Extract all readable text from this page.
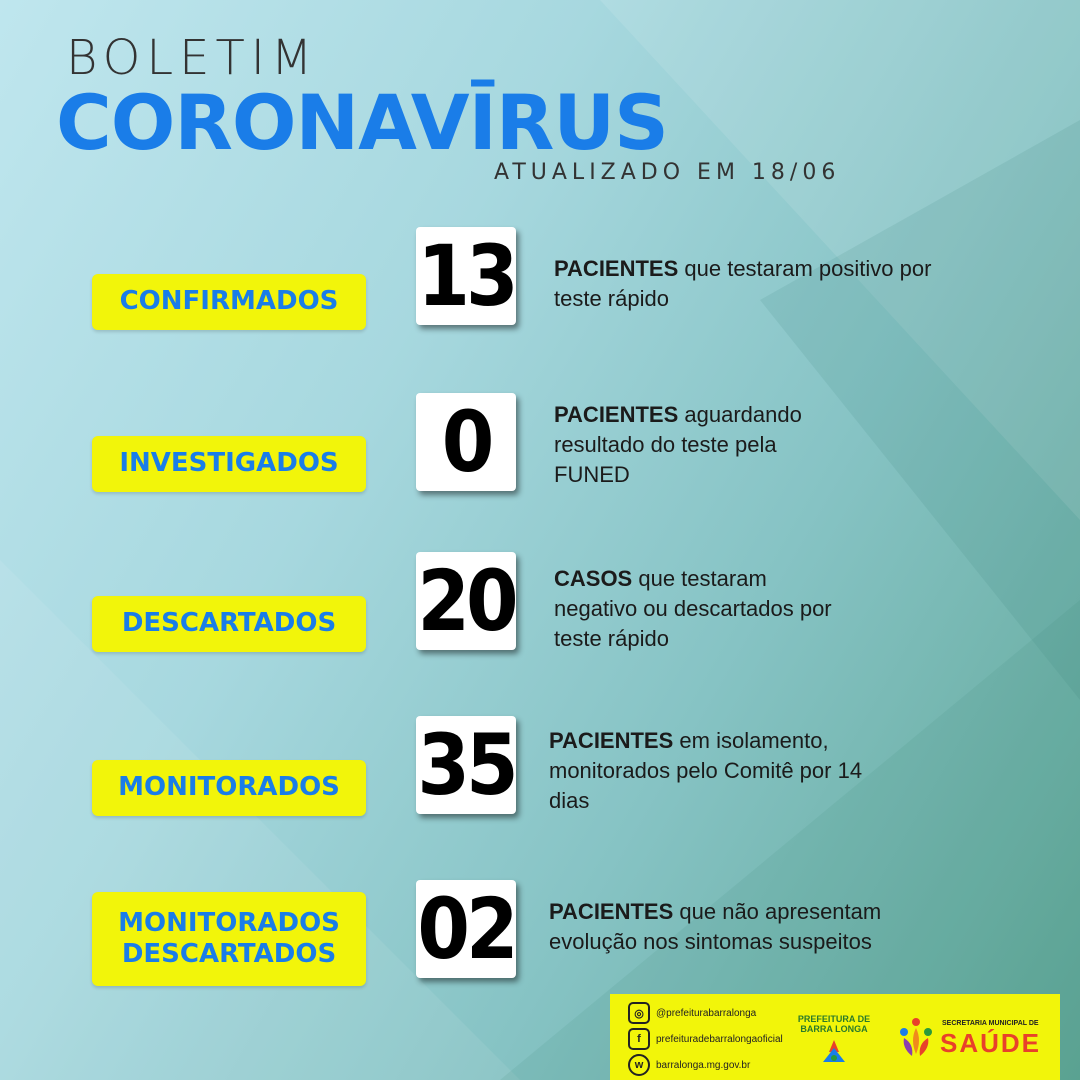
BOLETIM
CORONAVĪRUS
ATUALIZADO EM 18/06
CONFIRMADOS 13 PACIENTES que testaram positivo por teste rápido
INVESTIGADOS	0	PACIENTES aguardando resultado do teste pela FUNED
DESCARTADOS 20 CASOS que testaram negativo ou descartados por teste rápido
MONITORADOS 35 PACIENTES em isolamento, monitorados pelo Comitê por 14 dias
MONITORADOS DESCARTADOS 02 PACIENTES que não apresentam evolução nos sintomas suspeitos
◎	@prefeiturabarralonga
f	prefeituradebarralongaoficial
w	barralonga.mg.gov.br
PREFEITURA DE BARRA LONGA
SECRETARIA MUNICIPAL DE
SAÚDE
